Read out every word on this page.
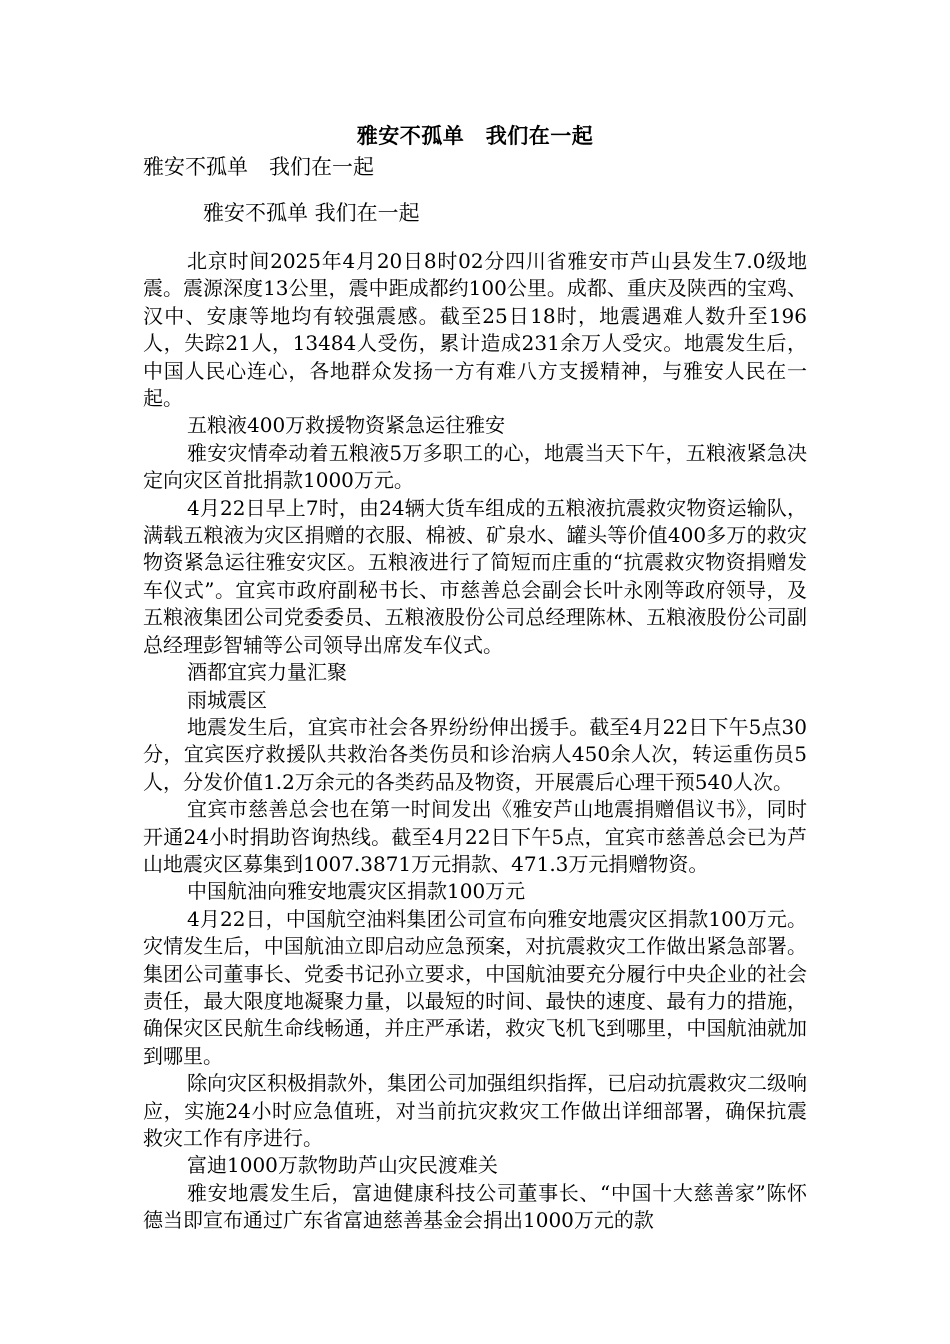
雅安不孤单　我们在一起
雅安不孤单　我们在一起
雅安不孤单 我们在一起

北京时间2025年4月20日8时02分四川省雅安市芦山县发生7.0级地震。震源深度13公里，震中距成都约100公里。成都、重庆及陕西的宝鸡、汉中、安康等地均有较强震感。截至25日18时，地震遇难人数升至196人，失踪21人，13484人受伤，累计造成231余万人受灾。地震发生后，中国人民心连心，各地群众发扬一方有难八方支援精神，与雅安人民在一起。

五粮液400万救援物资紧急运往雅安

雅安灾情牵动着五粮液5万多职工的心，地震当天下午，五粮液紧急决定向灾区首批捐款1000万元。

4月22日早上7时，由24辆大货车组成的五粮液抗震救灾物资运输队，满载五粮液为灾区捐赠的衣服、棉被、矿泉水、罐头等价值400多万的救灾物资紧急运往雅安灾区。五粮液进行了简短而庄重的“抗震救灾物资捐赠发车仪式”。宜宾市政府副秘书长、市慈善总会副会长叶永刚等政府领导，及五粮液集团公司党委委员、五粮液股份公司总经理陈林、五粮液股份公司副总经理彭智辅等公司领导出席发车仪式。

酒都宜宾力量汇聚

雨城震区

地震发生后，宜宾市社会各界纷纷伸出援手。截至4月22日下午5点30分，宜宾医疗救援队共救治各类伤员和诊治病人450余人次，转运重伤员5人，分发价值1.2万余元的各类药品及物资，开展震后心理干预540人次。

宜宾市慈善总会也在第一时间发出《雅安芦山地震捐赠倡议书》，同时开通24小时捐助咨询热线。截至4月22日下午5点，宜宾市慈善总会已为芦山地震灾区募集到1007.3871万元捐款、471.3万元捐赠物资。

中国航油向雅安地震灾区捐款100万元

4月22日，中国航空油料集团公司宣布向雅安地震灾区捐款100万元。灾情发生后，中国航油立即启动应急预案，对抗震救灾工作做出紧急部署。集团公司董事长、党委书记孙立要求，中国航油要充分履行中央企业的社会责任，最大限度地凝聚力量，以最短的时间、最快的速度、最有力的措施，确保灾区民航生命线畅通，并庄严承诺，救灾飞机飞到哪里，中国航油就加到哪里。

除向灾区积极捐款外，集团公司加强组织指挥，已启动抗震救灾二级响应，实施24小时应急值班，对当前抗灾救灾工作做出详细部署，确保抗震救灾工作有序进行。

富迪1000万款物助芦山灾民渡难关

雅安地震发生后，富迪健康科技公司董事长、“中国十大慈善家”陈怀德当即宣布通过广东省富迪慈善基金会捐出1000万元的款
